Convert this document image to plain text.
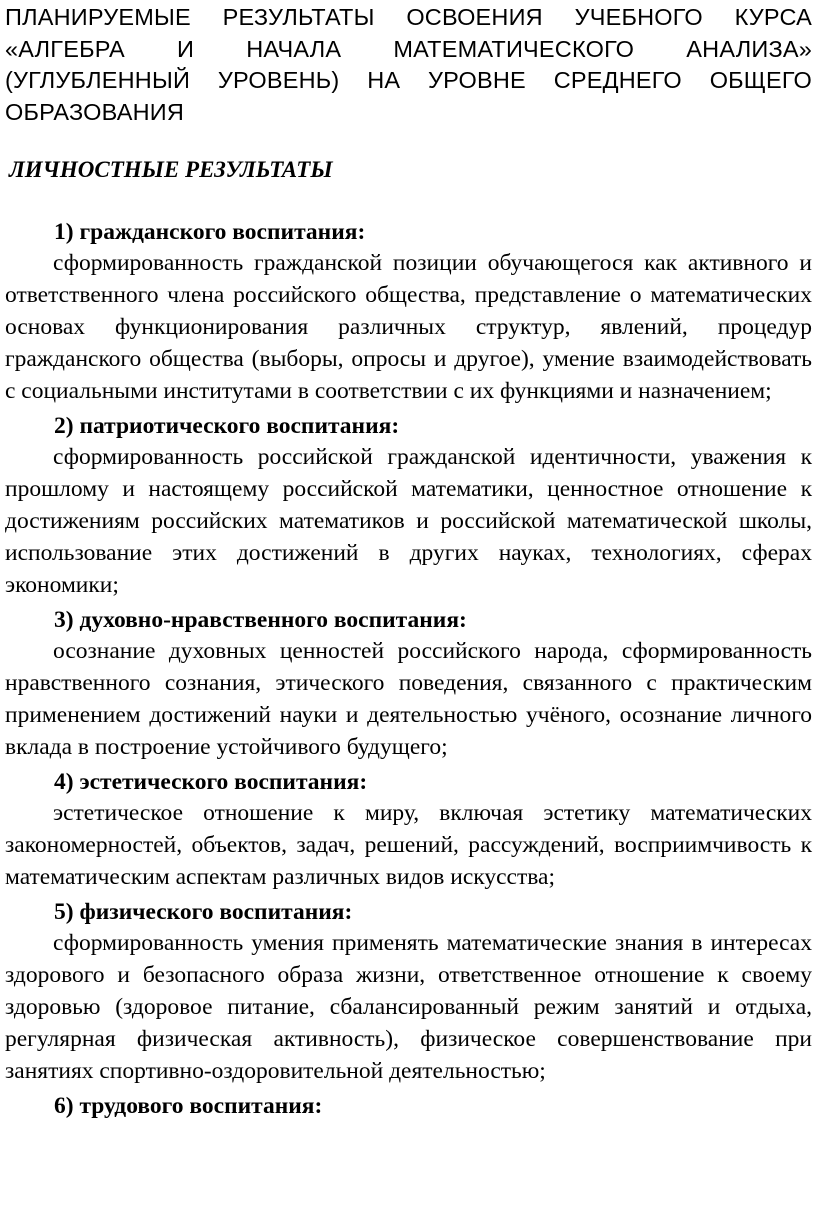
ПЛАНИРУЕМЫЕ РЕЗУЛЬТАТЫ ОСВОЕНИЯ УЧЕБНОГО КУРСА «АЛГЕБРА И НАЧАЛА МАТЕМАТИЧЕСКОГО АНАЛИЗА» (УГЛУБЛЕННЫЙ УРОВЕНЬ) НА УРОВНЕ СРЕДНЕГО ОБЩЕГО ОБРАЗОВАНИЯ
ЛИЧНОСТНЫЕ РЕЗУЛЬТАТЫ
1) гражданского воспитания:
сформированность гражданской позиции обучающегося как активного и ответственного члена российского общества, представление о математических основах функционирования различных структур, явлений, процедур гражданского общества (выборы, опросы и другое), умение взаимодействовать с социальными институтами в соответствии с их функциями и назначением;
2) патриотического воспитания:
сформированность российской гражданской идентичности, уважения к прошлому и настоящему российской математики, ценностное отношение к достижениям российских математиков и российской математической школы, использование этих достижений в других науках, технологиях, сферах экономики;
3) духовно-нравственного воспитания:
осознание духовных ценностей российского народа, сформированность нравственного сознания, этического поведения, связанного с практическим применением достижений науки и деятельностью учёного, осознание личного вклада в построение устойчивого будущего;
4) эстетического воспитания:
эстетическое отношение к миру, включая эстетику математических закономерностей, объектов, задач, решений, рассуждений, восприимчивость к математическим аспектам различных видов искусства;
5) физического воспитания:
сформированность умения применять математические знания в интересах здорового и безопасного образа жизни, ответственное отношение к своему здоровью (здоровое питание, сбалансированный режим занятий и отдыха, регулярная физическая активность), физическое совершенствование при занятиях спортивно-оздоровительной деятельностью;
6) трудового воспитания:
